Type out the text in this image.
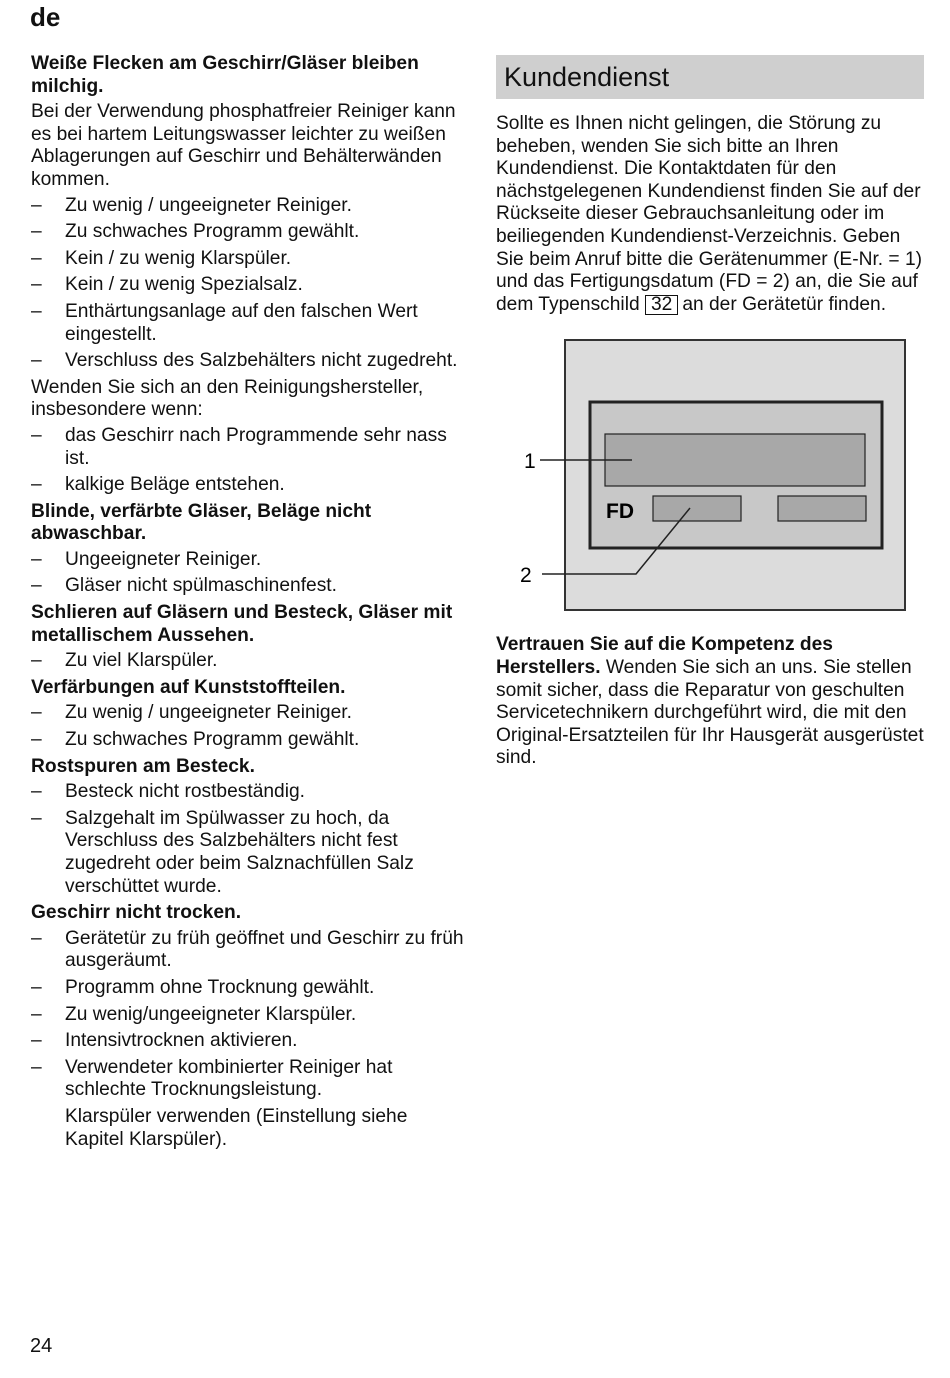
de
Weiße Flecken am Geschirr/Gläser bleiben milchig.
Bei der Verwendung phosphatfreier Reiniger kann es bei hartem Leitungswasser leichter zu weißen Ablagerungen auf Geschirr und Behälterwänden kommen.
–	Zu wenig / ungeeigneter Reiniger.
–	Zu schwaches Programm gewählt.
–	Kein / zu wenig Klarspüler.
–	Kein / zu wenig Spezialsalz.
–	Enthärtungsanlage auf den falschen Wert eingestellt.
–	Verschluss des Salzbehälters nicht zugedreht.
Wenden Sie sich an den Reinigungshersteller, insbesondere wenn:
–	das Geschirr nach Programmende sehr nass ist.
–	kalkige Beläge entstehen.
Blinde, verfärbte Gläser, Beläge nicht abwaschbar.
–	Ungeeigneter Reiniger.
–	Gläser nicht spülmaschinenfest.
Schlieren auf Gläsern und Besteck, Gläser mit metallischem Aussehen.
–	Zu viel Klarspüler.
Verfärbungen auf Kunststoffteilen.
–	Zu wenig / ungeeigneter Reiniger.
–	Zu schwaches Programm gewählt.
Rostspuren am Besteck.
–	Besteck nicht rostbeständig.
–	Salzgehalt im Spülwasser zu hoch, da Verschluss des Salzbehälters nicht fest zugedreht oder beim Salznachfüllen Salz verschüttet wurde.
Geschirr nicht trocken.
–	Gerätetür zu früh geöffnet und Geschirr zu früh ausgeräumt.
–	Programm ohne Trocknung gewählt.
–	Zu wenig/ungeeigneter Klarspüler.
–	Intensivtrocknen aktivieren.
–	Verwendeter kombinierter Reiniger hat schlechte Trocknungsleistung.
Klarspüler verwenden (Einstellung siehe Kapitel Klarspüler).
Kundendienst
Sollte es Ihnen nicht gelingen, die Störung zu beheben, wenden Sie sich bitte an Ihren Kundendienst. Die Kontaktdaten für den nächstgelegenen Kundendienst finden Sie auf der Rückseite dieser Gebrauchsanleitung oder im beiliegenden Kundendienst-Verzeichnis. Geben Sie beim Anruf bitte die Gerätenummer (E-Nr. = 1) und das Fertigungsdatum (FD = 2) an, die Sie auf dem Typenschild 32 an der Gerätetür finden.
FD
1
2
Vertrauen Sie auf die Kompetenz des Herstellers. Wenden Sie sich an uns. Sie stellen somit sicher, dass die Reparatur von geschulten Servicetechnikern durchgeführt wird, die mit den Original-Ersatzteilen für Ihr Hausgerät ausgerüstet sind.
24
